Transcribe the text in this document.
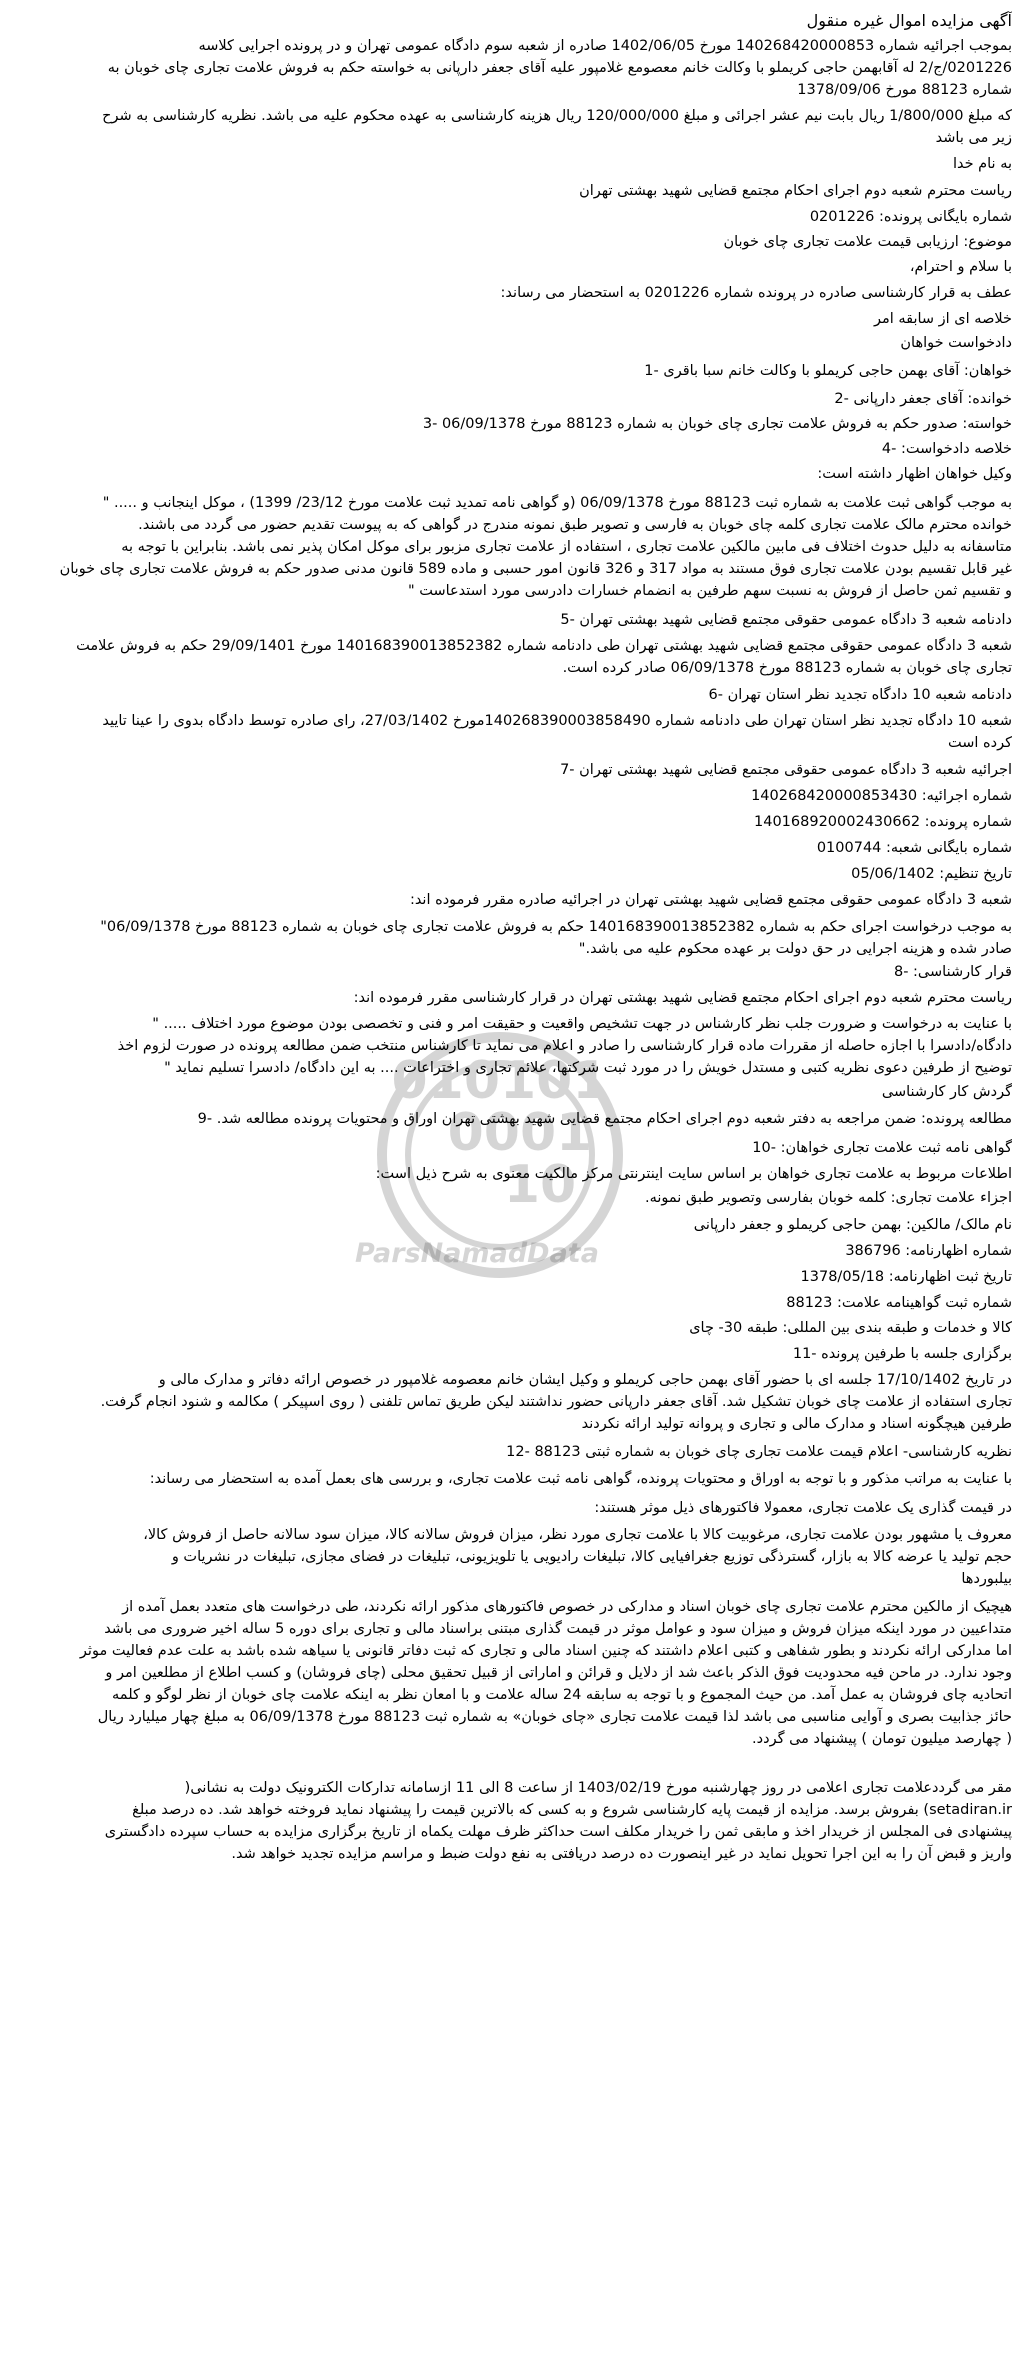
آگهی مزایده اموال غیره منقول
بموجب اجرائیه شماره 140268420000853 مورخ 1402/06/05 صادره از شعبه سوم دادگاه عمومی تهران و در پرونده اجرایی کلاسه
0201226/ج/2 له آقابهمن حاجی کریملو با وکالت خانم معصومع غلامپور علیه آقای جعفر دارپانی به خواسته حکم به فروش علامت تجاری چای خوبان به
شماره 88123 مورخ 1378/09/06
که مبلغ 1/800/000 ریال بابت نیم عشر اجرائی و مبلغ 120/000/000 ریال هزینه کارشناسی به عهده محکوم علیه می باشد. نظریه کارشناسی به شرح
زیر می باشد
به نام خدا
ریاست محترم شعبه دوم اجرای احکام مجتمع قضایی شهید بهشتی تهران
شماره بایگانی پرونده: 0201226
موضوع: ارزیابی قیمت علامت تجاری چای خوبان
با سلام و احترام،
عطف به قرار کارشناسی صادره در پرونده شماره 0201226 به استحضار می رساند:
خلاصه ای از سابقه امر
دادخواست خواهان
خواهان: آقای بهمن حاجی کریملو با وکالت خانم سبا باقری -1
خوانده: آقای جعفر دارپانی -2
خواسته: صدور حکم به فروش علامت تجاری چای خوبان به شماره 88123 مورخ 06/09/1378 -3
خلاصه دادخواست: -4
وکیل خواهان اظهار داشته است:
به موجب گواهی ثبت علامت به شماره ثبت 88123 مورخ 06/09/1378 (و گواهی نامه تمدید ثبت علامت مورخ 23/12/ 1399) ، موکل اینجانب و ..... "
خوانده محترم مالک علامت تجاری کلمه چای خوبان به فارسی و تصویر طبق نمونه مندرج در گواهی که به پیوست تقدیم حضور می گردد می باشند.
متاسفانه به دلیل حدوث اختلاف فی مابین مالکین علامت تجاری ، استفاده از علامت تجاری مزبور برای موکل امکان پذیر نمی باشد. بنابراین با توجه به
غیر قابل تقسیم بودن علامت تجاری فوق مستند به مواد 317 و 326 قانون امور حسبی و ماده 589 قانون مدنی صدور حکم به فروش علامت تجاری چای خوبان
و تقسیم ثمن حاصل از فروش به نسبت سهم طرفین به انضمام خسارات دادرسی مورد استدعاست "
دادنامه شعبه 3 دادگاه عمومی حقوقی مجتمع قضایی شهید بهشتی تهران -5
شعبه 3 دادگاه عمومی حقوقی مجتمع قضایی شهید بهشتی تهران طی دادنامه شماره 140168390013852382 مورخ 29/09/1401 حکم به فروش علامت
تجاری چای خوبان به شماره 88123 مورخ 06/09/1378 صادر کرده است.
دادنامه شعبه 10 دادگاه تجدید نظر استان تهران -6
شعبه 10 دادگاه تجدید نظر استان تهران طی دادنامه شماره 140268390003858490مورخ 27/03/1402، رای صادره توسط دادگاه بدوی را عینا تایید
کرده است
اجرائیه شعبه 3 دادگاه عمومی حقوقی مجتمع قضایی شهید بهشتی تهران -7
شماره اجرائیه: 140268420000853430
شماره پرونده: 140168920002430662
شماره بایگانی شعبه: 0100744
تاریخ تنظیم: 05/06/1402
شعبه 3 دادگاه عمومی حقوقی مجتمع قضایی شهید بهشتی تهران در اجرائیه صادره مقرر فرموده اند:
به موجب درخواست اجرای حکم به شماره 140168390013852382 حکم به فروش علامت تجاری چای خوبان به شماره 88123 مورخ 06/09/1378"
صادر شده و هزینه اجرایی در حق دولت بر عهده محکوم علیه می باشد."
قرار کارشناسی: -8
ریاست محترم شعبه دوم اجرای احکام مجتمع قضایی شهید بهشتی تهران در قرار کارشناسی مقرر فرموده اند:
با عنایت به درخواست و ضرورت جلب نظر کارشناس در جهت تشخیص واقعیت و حقیقت امر و فنی و تخصصی بودن موضوع مورد اختلاف ..... "
دادگاه/دادسرا با اجازه حاصله از مقررات ماده قرار کارشناسی را صادر و اعلام می نماید تا کارشناس منتخب ضمن مطالعه پرونده در صورت لزوم اخذ
توضیح از طرفین دعوی نظریه کتبی و مستدل خویش را در مورد ثبت شرکتها، علائم تجاری و اختراعات .... به این دادگاه/ دادسرا تسلیم نماید "
گردش کار کارشناسی
مطالعه پرونده: ضمن مراجعه به دفتر شعبه دوم اجرای احکام مجتمع قضایی شهید بهشتی تهران اوراق و محتویات پرونده مطالعه شد. -9
گواهی نامه ثبت علامت تجاری خواهان: -10
اطلاعات مربوط به علامت تجاری خواهان بر اساس سایت اینترنتی مرکز مالکیت معنوی به شرح ذیل است:
اجزاء علامت تجاری: کلمه خوبان بفارسی وتصویر طبق نمونه.
نام مالک/ مالکین: بهمن حاجی کریملو و جعفر دارپانی
شماره اظهارنامه: 386796
تاریخ ثبت اظهارنامه: 1378/05/18
شماره ثبت گواهینامه علامت: 88123
کالا و خدمات و طبقه بندی بین المللی: طبقه 30- چای
برگزاری جلسه با طرفین پرونده -11
در تاریخ 17/10/1402 جلسه ای با حضور آقای بهمن حاجی کریملو و وکیل ایشان خانم معصومه غلامپور در خصوص ارائه دفاتر و مدارک مالی و
تجاری استفاده از علامت چای خوبان تشکیل شد. آقای جعفر دارپانی حضور نداشتند لیکن طریق تماس تلفنی ( روی اسپیکر ) مکالمه و شنود انجام گرفت.
طرفین هیچگونه اسناد و مدارک مالی و تجاری و پروانه تولید ارائه نکردند
نظریه کارشناسی- اعلام قیمت علامت تجاری چای خوبان به شماره ثبتی 88123 -12
با عنایت به مراتب مذکور و با توجه به اوراق و محتویات پرونده، گواهی نامه ثبت علامت تجاری، و بررسی های بعمل آمده به استحضار می رساند:
در قیمت گذاری یک علامت تجاری، معمولا فاکتورهای ذیل موثر هستند:
معروف یا مشهور بودن علامت تجاری، مرغوبیت کالا با علامت تجاری مورد نظر، میزان فروش سالانه کالا، میزان سود سالانه حاصل از فروش کالا،
حجم تولید یا عرضه کالا به بازار، گسترذگی توزیع جغرافیایی کالا، تبلیغات رادیویی یا تلویزیونی، تبلیغات در فضای مجازی، تبلیغات در نشریات و
بیلبوردها
هیچیک از مالکین محترم علامت تجاری چای خوبان اسناد و مدارکی در خصوص فاکتورهای مذکور ارائه نکردند، طی درخواست های متعدد بعمل آمده از
متداعیین در مورد اینکه میزان فروش و میزان سود و عوامل موثر در قیمت گذاری مبتنی براسناد مالی و تجاری برای دوره 5 ساله اخیر ضروری می باشد
اما مدارکی ارائه نکردند و بطور شفاهی و کتبی اعلام داشتند که چنین اسناد مالی و تجاری که ثبت دفاتر قانونی یا سیاهه شده باشد به علت عدم فعالیت موثر
وجود ندارد. در ماحن فیه محدودیت فوق الذکر باعث شد از دلایل و قرائن و اماراتی از قبیل تحقیق محلی (چای فروشان) و کسب اطلاع از مطلعین امر و
اتحادیه چای فروشان به عمل آمد. من حیث المجموع و با توجه به سابقه 24 ساله علامت و با امعان نظر به اینکه علامت چای خوبان از نظر لوگو و کلمه
حائز جذابیت بصری و آوایی مناسبی می باشد لذا قیمت علامت تجاری «چای خوبان» به شماره ثبت 88123 مورخ 06/09/1378 به مبلغ چهار میلیارد ریال
( چهارصد میلیون تومان ) پیشنهاد می گردد.
مقر می گرددعلامت تجاری اعلامی در روز چهارشنبه مورخ 1403/02/19 از ساعت 8 الی 11 ازسامانه تدارکات الکترونیک دولت به نشانی(
setadiran.ir) بفروش برسد. مزایده از قیمت پایه کارشناسی شروع و به کسی که بالاترین قیمت را پیشنهاد نماید فروخته خواهد شد. ده درصد مبلغ
پیشنهادی فی المجلس از خریدار اخذ و مابقی ثمن را خریدار مکلف است حداکثر ظرف مهلت یکماه از تاریخ برگزاری مزایده به حساب سپرده دادگستری
واریز و قبض آن را به این اجرا تحویل نماید در غیر اینصورت ده درصد دریافتی به نفع دولت ضبط و مراسم مزایده تجدید خواهد شد.
010101
0001
10
ParsNamadData
